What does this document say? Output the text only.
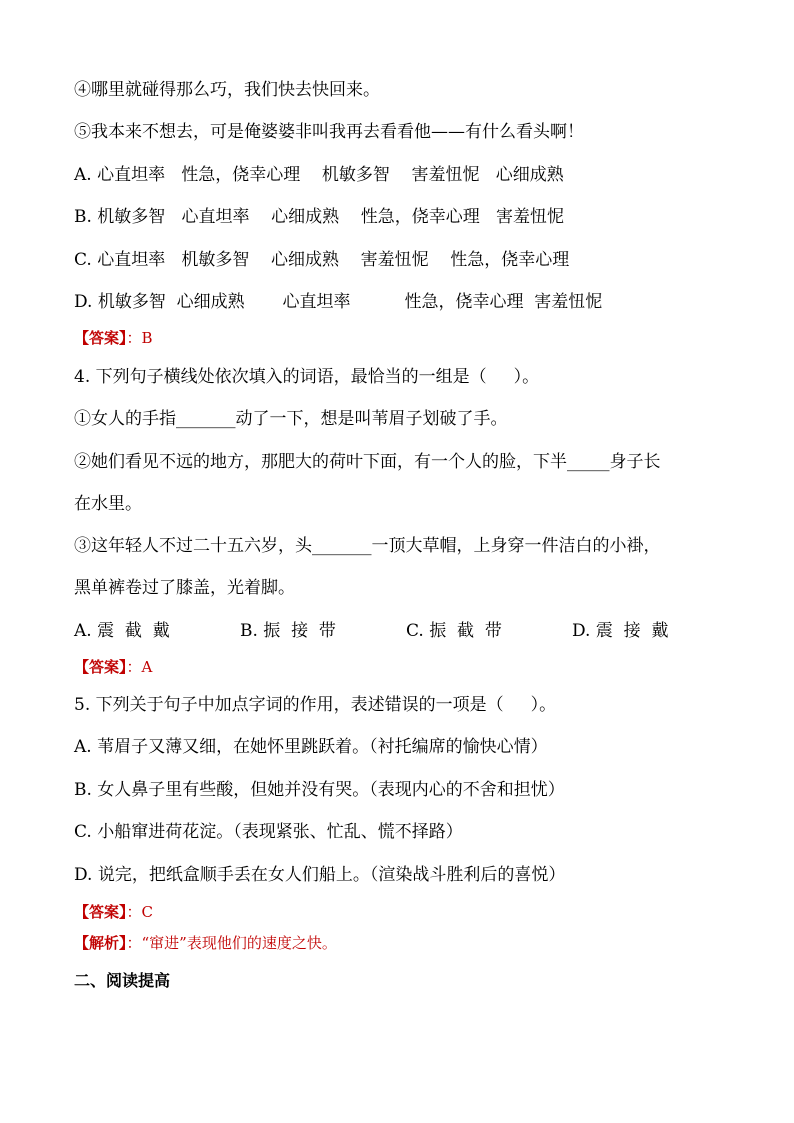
④哪里就碰得那么巧，我们快去快回来。

⑤我本来不想去，可是俺婆婆非叫我再去看看他——有什么看头啊！

A. 心直坦率   性急，侥幸心理    机敏多智    害羞忸怩   心细成熟

B. 机敏多智   心直坦率    心细成熟    性急，侥幸心理   害羞忸怩

C. 心直坦率   机敏多智    心细成熟    害羞忸怩    性急，侥幸心理

D. 机敏多智  心细成熟       心直坦率          性急，侥幸心理  害羞忸怩

【答案】：B

4. 下列句子横线处依次填入的词语，最恰当的一组是（     ）。

①女人的手指_______动了一下，想是叫苇眉子划破了手。

②她们看见不远的地方，那肥大的荷叶下面，有一个人的脸，下半_____身子长

在水里。

③这年轻人不过二十五六岁，头_______一顶大草帽，上身穿一件洁白的小褂，

黑单裤卷过了膝盖，光着脚。

A. 震  截  戴	B. 振  接  带	C. 振  截  带	D. 震  接  戴

【答案】：A

5. 下列关于句子中加点字词的作用，表述错误的一项是（     ）。

A. 苇眉子又薄又细，在她怀里跳跃着。（衬托编席的愉快心情）

B. 女人鼻子里有些酸，但她并没有哭。（表现内心的不舍和担忧）

C. 小船窜进荷花淀。（表现紧张、忙乱、慌不择路）

D. 说完，把纸盒顺手丢在女人们船上。（渲染战斗胜利后的喜悦）

【答案】：C

【解析】：“窜进”表现他们的速度之快。

二、阅读提高
